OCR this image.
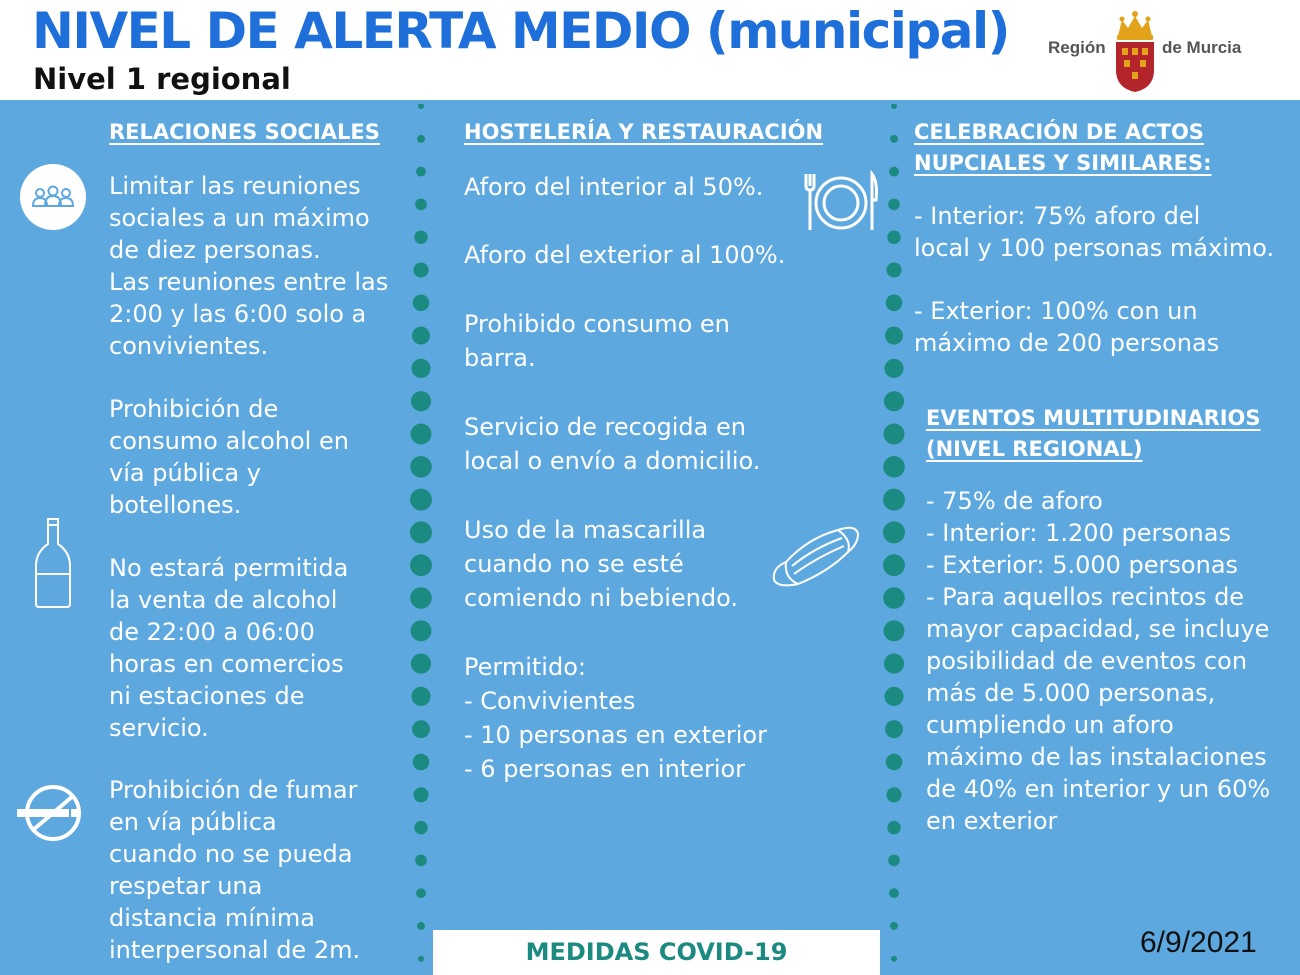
NIVEL DE ALERTA MEDIO (municipal)
Nivel 1 regional
Región	de Murcia
RELACIONES SOCIALES
Limitar las reuniones
sociales a un máximo
de diez personas.
Las reuniones entre las
2:00 y las 6:00 solo a
convivientes.
Prohibición de
consumo alcohol en
vía pública y
botellones.
No estará permitida
la venta de alcohol
de 22:00 a 06:00
horas en comercios
ni estaciones de
servicio.
Prohibición de fumar
en vía pública
cuando no se pueda
respetar una
distancia mínima
interpersonal de 2m.
HOSTELERÍA Y RESTAURACIÓN
Aforo del interior al 50%.
Aforo del exterior al 100%.
Prohibido consumo en
barra.
Servicio de recogida en
local o envío a domicilio.
Uso de la mascarilla
cuando no se esté
comiendo ni bebiendo.
Permitido:
- Convivientes
- 10 personas en exterior
- 6 personas en interior
CELEBRACIÓN DE ACTOS
NUPCIALES Y SIMILARES:
- Interior: 75% aforo del
local y 100 personas máximo.
- Exterior: 100% con un
máximo de 200 personas
EVENTOS MULTITUDINARIOS
(NIVEL REGIONAL)
- 75% de aforo
- Interior: 1.200 personas
- Exterior: 5.000 personas
- Para aquellos recintos de
mayor capacidad, se incluye
posibilidad de eventos con
más de 5.000 personas,
cumpliendo un aforo
máximo de las instalaciones
de 40% en interior y un 60%
en exterior
MEDIDAS COVID-19	6/9/2021
